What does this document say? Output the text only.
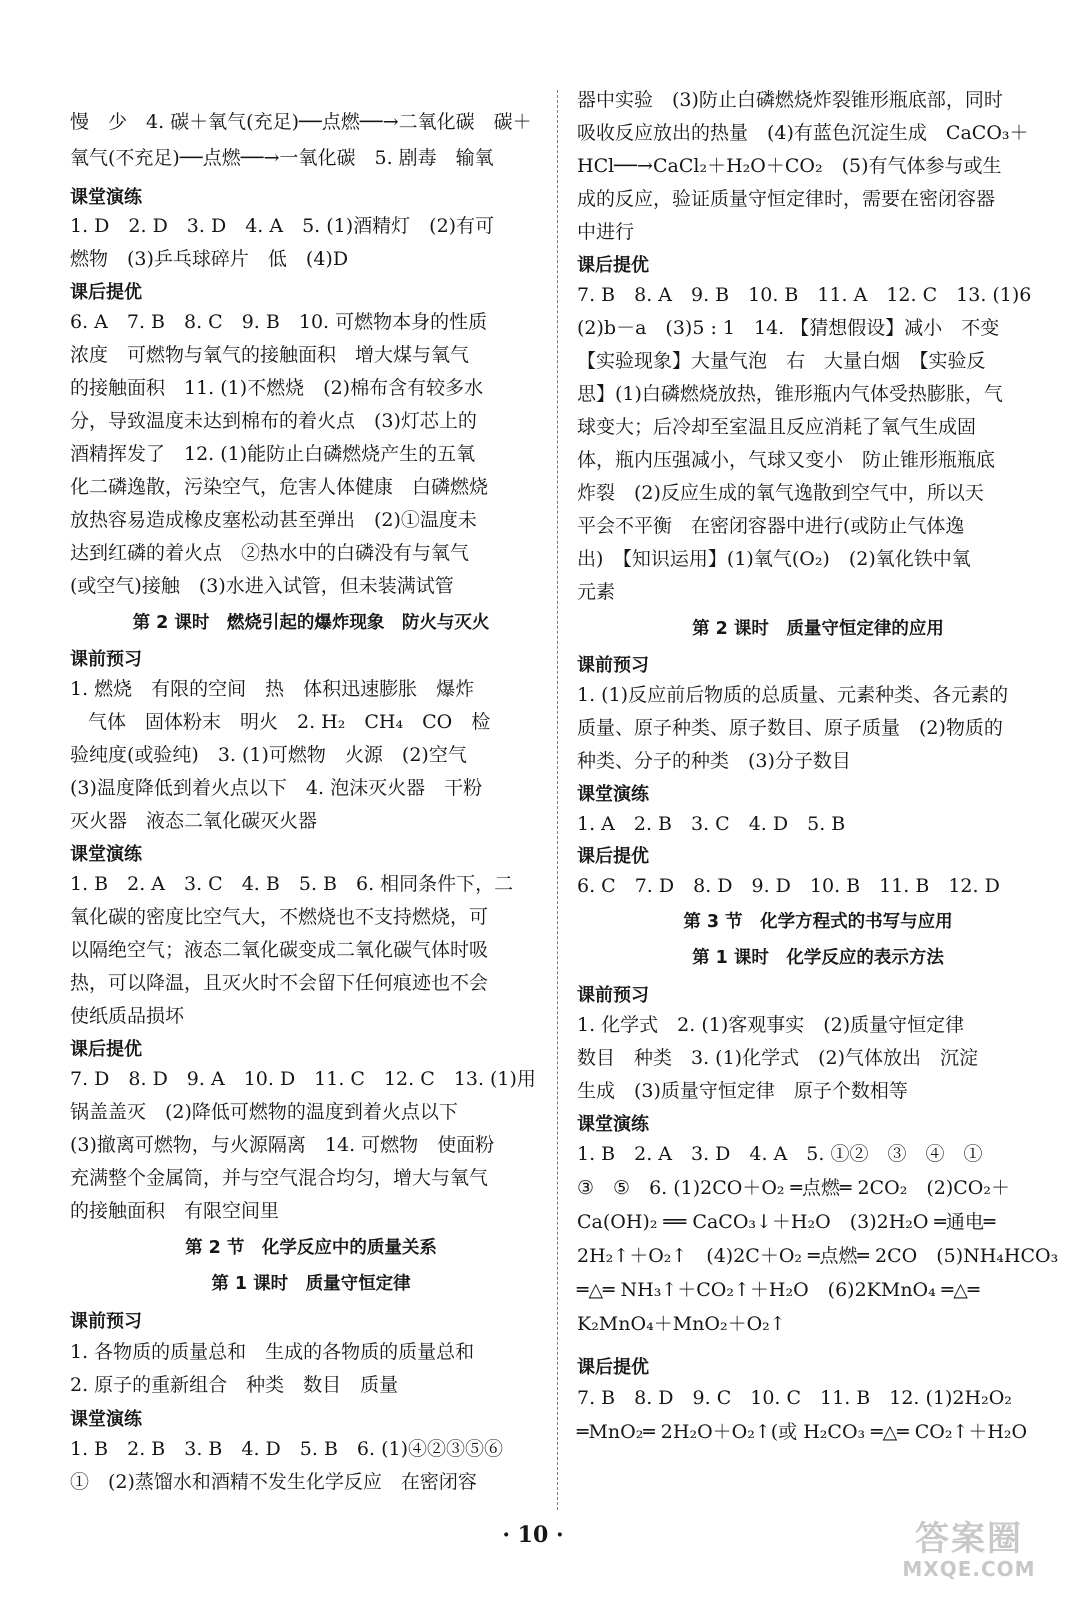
慢　少　4. 碳＋氧气(充足)──点燃──→二氧化碳　碳＋
氧气(不充足)──点燃──→一氧化碳　5. 剧毒　输氧
课堂演练
1. D　2. D　3. D　4. A　5. (1)酒精灯　(2)有可
燃物　(3)乒乓球碎片　低　(4)D
课后提优
6. A　7. B　8. C　9. B　10. 可燃物本身的性质
浓度　可燃物与氧气的接触面积　增大煤与氧气
的接触面积　11. (1)不燃烧　(2)棉布含有较多水
分，导致温度未达到棉布的着火点　(3)灯芯上的
酒精挥发了　12. (1)能防止白磷燃烧产生的五氧
化二磷逸散，污染空气，危害人体健康　白磷燃烧
放热容易造成橡皮塞松动甚至弹出　(2)①温度未
达到红磷的着火点　②热水中的白磷没有与氧气
(或空气)接触　(3)水进入试管，但未装满试管
第 2 课时　燃烧引起的爆炸现象　防火与灭火
课前预习
1. 燃烧　有限的空间　热　体积迅速膨胀　爆炸
气体　固体粉末　明火　2. H₂　CH₄　CO　检
验纯度(或验纯)　3. (1)可燃物　火源　(2)空气
(3)温度降低到着火点以下　4. 泡沫灭火器　干粉
灭火器　液态二氧化碳灭火器
课堂演练
1. B　2. A　3. C　4. B　5. B　6. 相同条件下，二
氧化碳的密度比空气大，不燃烧也不支持燃烧，可
以隔绝空气；液态二氧化碳变成二氧化碳气体时吸
热，可以降温，且灭火时不会留下任何痕迹也不会
使纸质品损坏
课后提优
7. D　8. D　9. A　10. D　11. C　12. C　13. (1)用
锅盖盖灭　(2)降低可燃物的温度到着火点以下
(3)撤离可燃物，与火源隔离　14. 可燃物　使面粉
充满整个金属筒，并与空气混合均匀，增大与氧气
的接触面积　有限空间里
第 2 节　化学反应中的质量关系
第 1 课时　质量守恒定律
课前预习
1. 各物质的质量总和　生成的各物质的质量总和
2. 原子的重新组合　种类　数目　质量
课堂演练
1. B　2. B　3. B　4. D　5. B　6. (1)④②③⑤⑥
①　(2)蒸馏水和酒精不发生化学反应　在密闭容
器中实验　(3)防止白磷燃烧炸裂锥形瓶底部，同时
吸收反应放出的热量　(4)有蓝色沉淀生成　CaCO₃＋
HCl──→CaCl₂＋H₂O＋CO₂　(5)有气体参与或生
成的反应，验证质量守恒定律时，需要在密闭容器
中进行
课后提优
7. B　8. A　9. B　10. B　11. A　12. C　13. (1)6
(2)b－a　(3)5 : 1　14. 【猜想假设】减小　不变
【实验现象】大量气泡　右　大量白烟　【实验反
思】(1)白磷燃烧放热，锥形瓶内气体受热膨胀，气
球变大；后冷却至室温且反应消耗了氧气生成固
体，瓶内压强减小，气球又变小　防止锥形瓶瓶底
炸裂　(2)反应生成的氧气逸散到空气中，所以天
平会不平衡　在密闭容器中进行(或防止气体逸
出)　【知识运用】(1)氧气(O₂)　(2)氧化铁中氧
元素
第 2 课时　质量守恒定律的应用
课前预习
1. (1)反应前后物质的总质量、元素种类、各元素的
质量、原子种类、原子数目、原子质量　(2)物质的
种类、分子的种类　(3)分子数目
课堂演练
1. A　2. B　3. C　4. D　5. B
课后提优
6. C　7. D　8. D　9. D　10. B　11. B　12. D
第 3 节　化学方程式的书写与应用
第 1 课时　化学反应的表示方法
课前预习
1. 化学式　2. (1)客观事实　(2)质量守恒定律
数目　种类　3. (1)化学式　(2)气体放出　沉淀
生成　(3)质量守恒定律　原子个数相等
课堂演练
1. B　2. A　3. D　4. A　5. ①②　③　④　①
③　⑤　6. (1)2CO＋O₂ ═点燃═ 2CO₂　(2)CO₂＋
Ca(OH)₂ ══ CaCO₃↓＋H₂O　(3)2H₂O ═通电═
2H₂↑＋O₂↑　(4)2C＋O₂ ═点燃═ 2CO　(5)NH₄HCO₃
═△═ NH₃↑＋CO₂↑＋H₂O　(6)2KMnO₄ ═△═
K₂MnO₄＋MnO₂＋O₂↑
课后提优
7. B　8. D　9. C　10. C　11. B　12. (1)2H₂O₂
═MnO₂═ 2H₂O＋O₂↑(或 H₂CO₃ ═△═ CO₂↑＋H₂O
· 10 ·	答案圈
MXQE.COM
